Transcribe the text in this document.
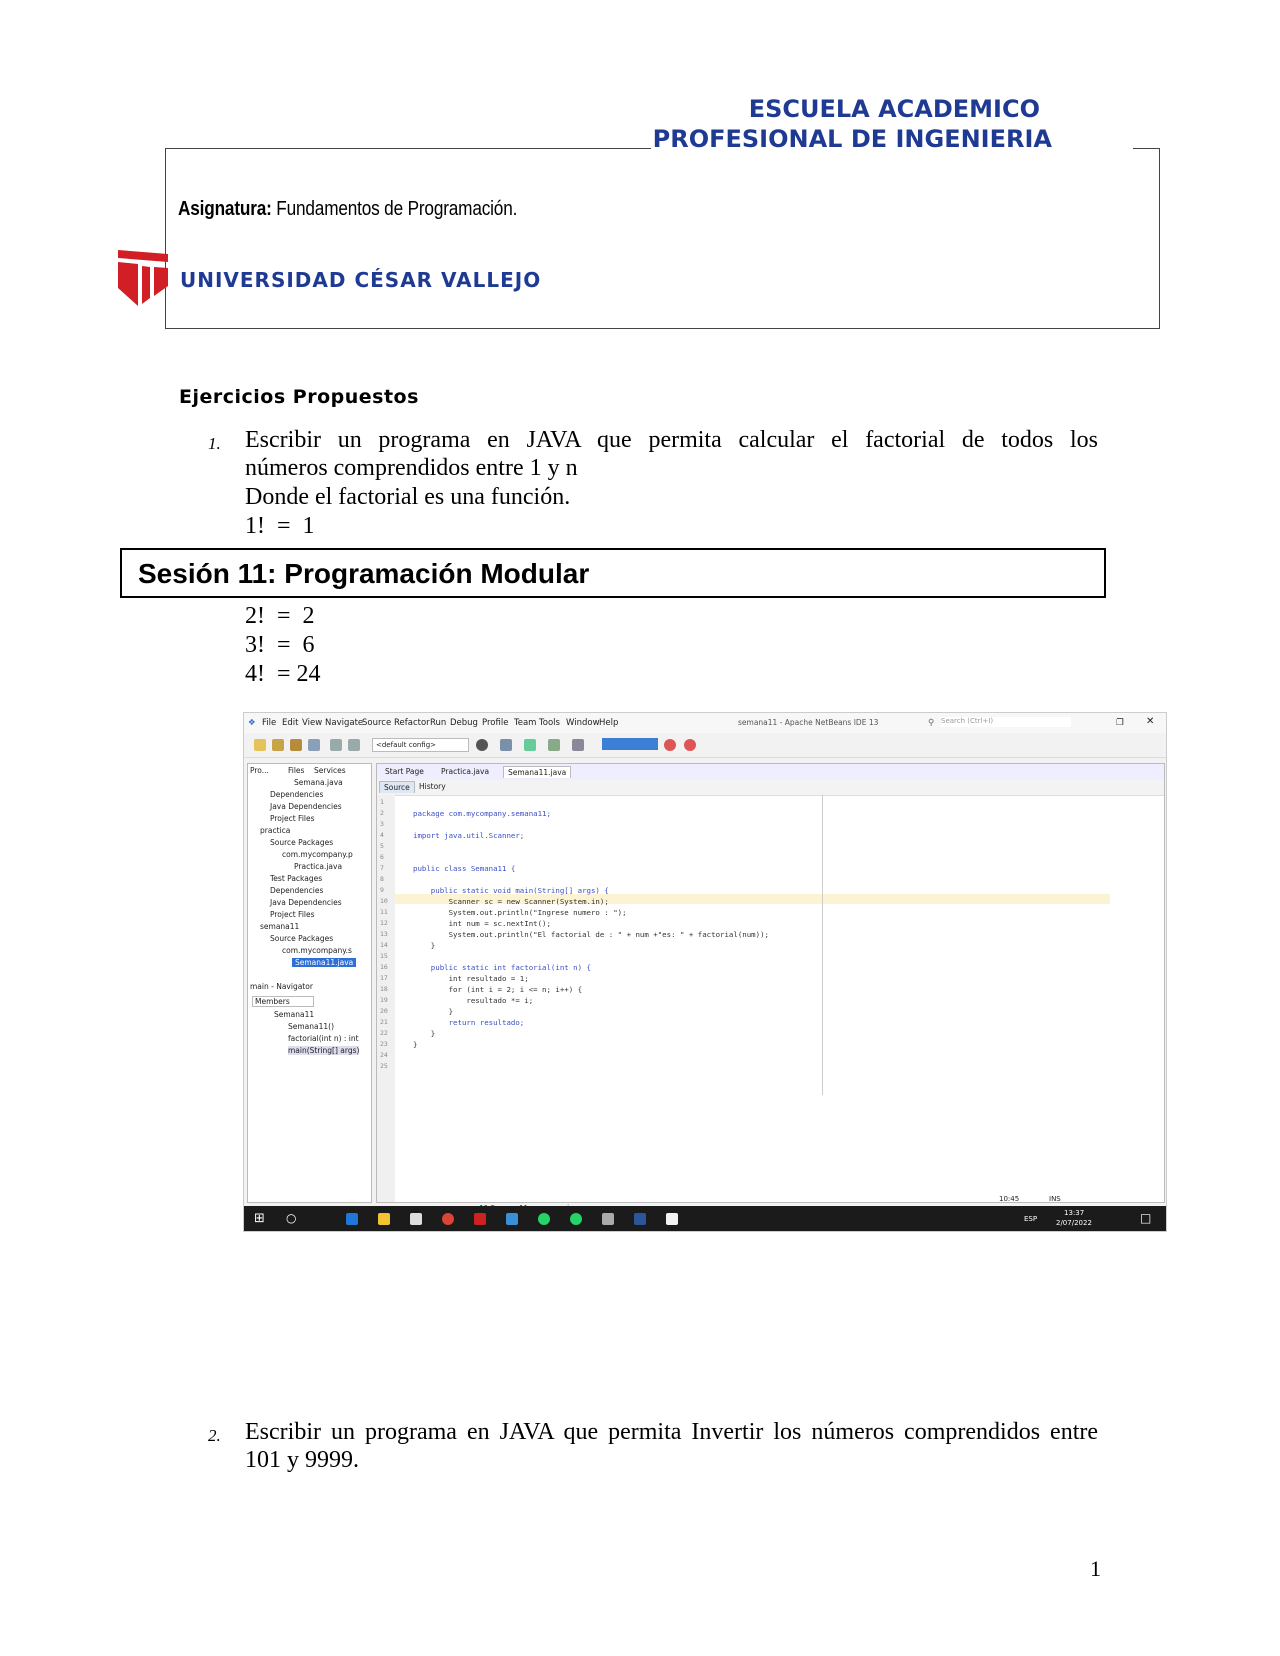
ESCUELA ACADEMICO
PROFESIONAL DE INGENIERIA
Asignatura: Fundamentos de Programación.
UNIVERSIDAD CÉSAR VALLEJO
Ejercicios Propuestos
1. Escribir un programa en JAVA que permita calcular el factorial de todos los
números comprendidos entre 1 y n
Donde el factorial es una función.
1!  =  1
Sesión 11: Programación Modular
2!  =  2
3!  =  6
4!  = 24
❖ File Edit View Navigate
Source Refactor Run Debug Profile Team Tools Window Help	semana11 - Apache NetBeans IDE 13	⚲ Search (Ctrl+I)	❐ ✕
<default config>
Pro...	Files Services
Semana.java
Dependencies
Java Dependencies
Project Files
practica
Source Packages
com.mycompany.p
Practica.java
Test Packages
Dependencies
Java Dependencies
Project Files
semana11
Source Packages
com.mycompany.s
Semana11.java
main - Navigator
Members
Semana11
Semana11()
factorial(int n) : int
main(String[] args)
Start Page	Practica.java	Semana11.java
Source	History
1
2
3
4
5
6
7
8
9
10
11
12
13
14
15
16
17
18
19
20
21
22
23
24
25
package com.mycompany.semana11;
import java.util.Scanner;
public class Semana11 {
public static void main(String[] args) {
Scanner sc = new Scanner(System.in);
System.out.println("Ingrese numero : ");
int num = sc.nextInt();
System.out.println("El factorial de : " + num +"es: " + factorial(num));
}
public static int factorial(int n) {
int resultado = 1;
for (int i = 2; i <= n; i++) {
resultado *= i;
}
return resultado;
}
}
10:45	INS
⊞ ○	ESP
13:37
2/07/2022	□
2. Escribir un programa en JAVA que permita Invertir los números comprendidos entre
101 y 9999.
1
